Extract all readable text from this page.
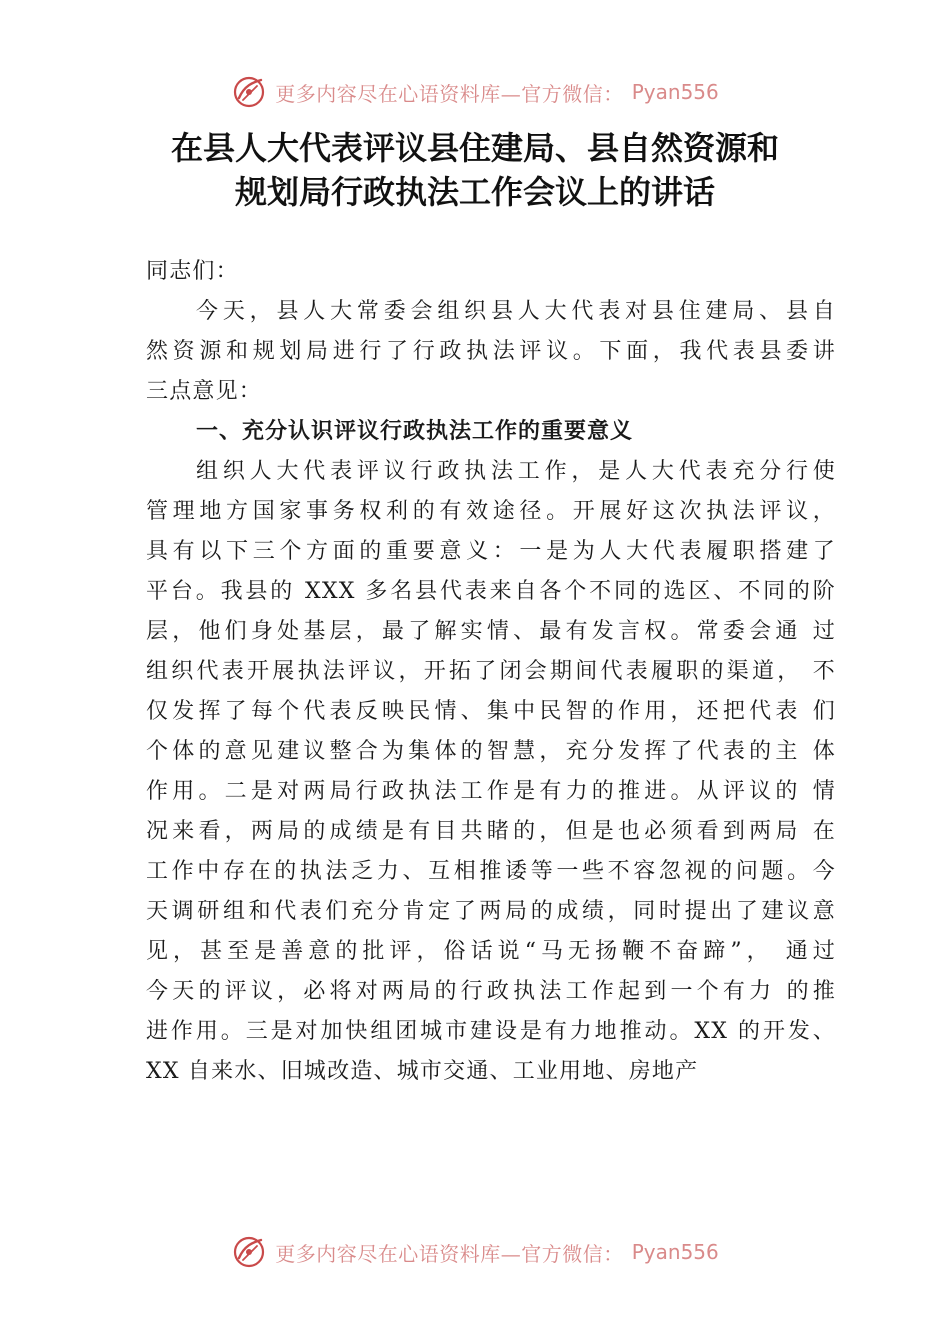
更多内容尽在心语资料库—官方微信： Pyan556
在县人大代表评议县住建局、县自然资源和
规划局行政执法工作会议上的讲话
同志们：
今天，县人大常委会组织县人大代表对县住建局、县自
然资源和规划局进行了行政执法评议。下面，我代表县委讲
三点意见：
一、充分认识评议行政执法工作的重要意义
组织人大代表评议行政执法工作，是人大代表充分行使
管理地方国家事务权利的有效途径。开展好这次执法评议，
具有以下三个方面的重要意义：一是为人大代表履职搭建了
平台。我县的 XXX 多名县代表来自各个不同的选区、不同的阶
层，他们身处基层，最了解实情、最有发言权。常委会通 过
组织代表开展执法评议，开拓了闭会期间代表履职的渠道， 不
仅发挥了每个代表反映民情、集中民智的作用，还把代表 们
个体的意见建议整合为集体的智慧，充分发挥了代表的主 体
作用。二是对两局行政执法工作是有力的推进。从评议的 情
况来看，两局的成绩是有目共睹的，但是也必须看到两局 在
工作中存在的执法乏力、互相推诿等一些不容忽视的问题。今
天调研组和代表们充分肯定了两局的成绩，同时提出了建议意
见，甚至是善意的批评，俗话说“马无扬鞭不奋蹄”， 通过
今天的评议，必将对两局的行政执法工作起到一个有力 的推
进作用。三是对加快组团城市建设是有力地推动。XX 的开发、
XX 自来水、旧城改造、城市交通、工业用地、房地产
更多内容尽在心语资料库—官方微信： Pyan556
